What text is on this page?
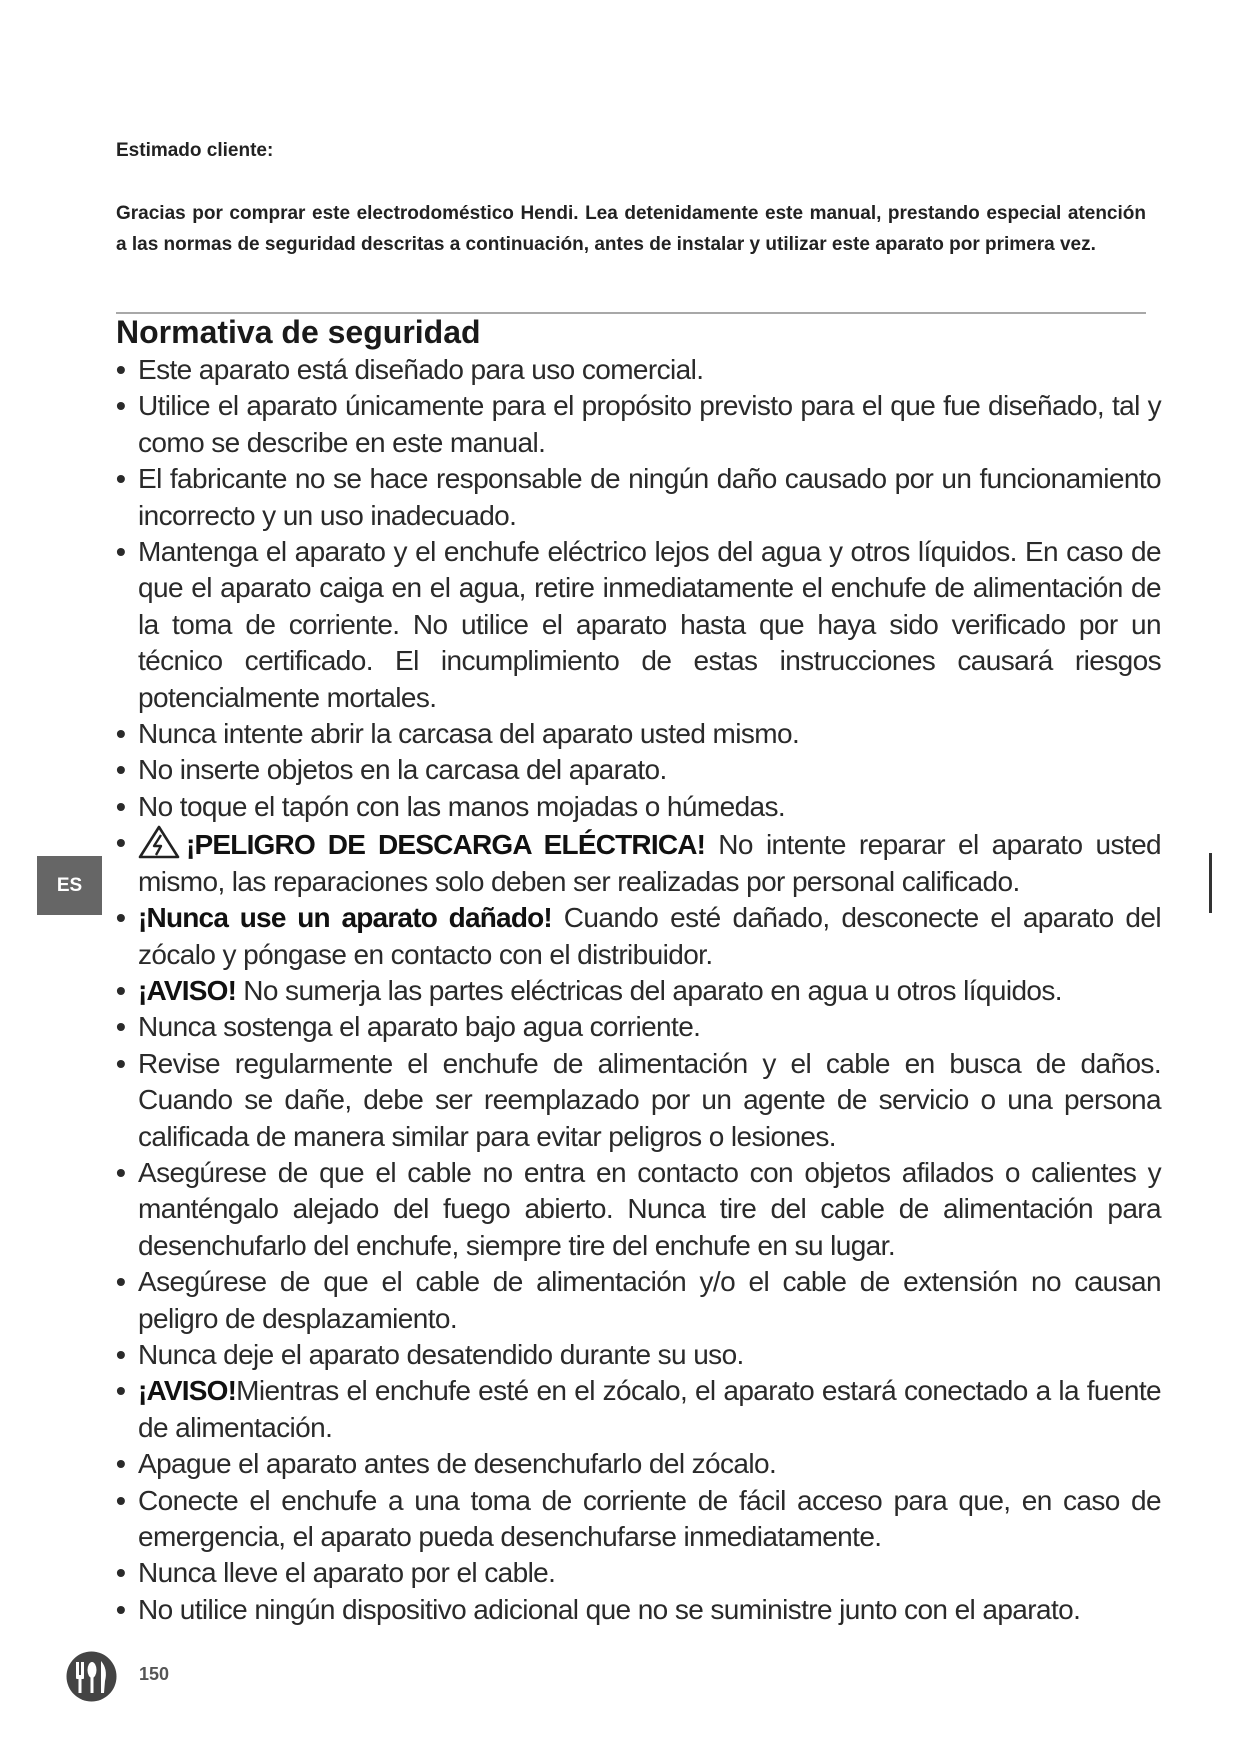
Estimado cliente:

Gracias por comprar este electrodoméstico Hendi. Lea detenidamente este manual, prestando especial atención a las normas de seguridad descritas a continuación, antes de instalar y utilizar este aparato por primera vez.

Normativa de seguridad
• Este aparato está diseñado para uso comercial.
• Utilice el aparato únicamente para el propósito previsto para el que fue diseñado, tal y como se describe en este manual.
• El fabricante no se hace responsable de ningún daño causado por un funcionamiento incorrecto y un uso inadecuado.
• Mantenga el aparato y el enchufe eléctrico lejos del agua y otros líquidos. En caso de que el aparato caiga en el agua, retire inmediatamente el enchufe de alimentación de la toma de corriente. No utilice el aparato hasta que haya sido verificado por un técnico certificado. El incumplimiento de estas instrucciones causará riesgos potencialmente mortales.
• Nunca intente abrir la carcasa del aparato usted mismo.
• No inserte objetos en la carcasa del aparato.
• No toque el tapón con las manos mojadas o húmedas.
• ¡PELIGRO DE DESCARGA ELÉCTRICA! No intente reparar el aparato usted mismo, las reparaciones solo deben ser realizadas por personal calificado.
• ¡Nunca use un aparato dañado! Cuando esté dañado, desconecte el aparato del zócalo y póngase en contacto con el distribuidor.
• ¡AVISO! No sumerja las partes eléctricas del aparato en agua u otros líquidos.
• Nunca sostenga el aparato bajo agua corriente.
• Revise regularmente el enchufe de alimentación y el cable en busca de daños. Cuando se dañe, debe ser reemplazado por un agente de servicio o una persona calificada de manera similar para evitar peligros o lesiones.
• Asegúrese de que el cable no entra en contacto con objetos afilados o calientes y manténgalo alejado del fuego abierto. Nunca tire del cable de alimentación para desenchufarlo del enchufe, siempre tire del enchufe en su lugar.
• Asegúrese de que el cable de alimentación y/o el cable de extensión no causan peligro de desplazamiento.
• Nunca deje el aparato desatendido durante su uso.
• ¡AVISO!Mientras el enchufe esté en el zócalo, el aparato estará conectado a la fuente de alimentación.
• Apague el aparato antes de desenchufarlo del zócalo.
• Conecte el enchufe a una toma de corriente de fácil acceso para que, en caso de emergencia, el aparato pueda desenchufarse inmediatamente.
• Nunca lleve el aparato por el cable.
• No utilice ningún dispositivo adicional que no se suministre junto con el aparato.
ES
150
